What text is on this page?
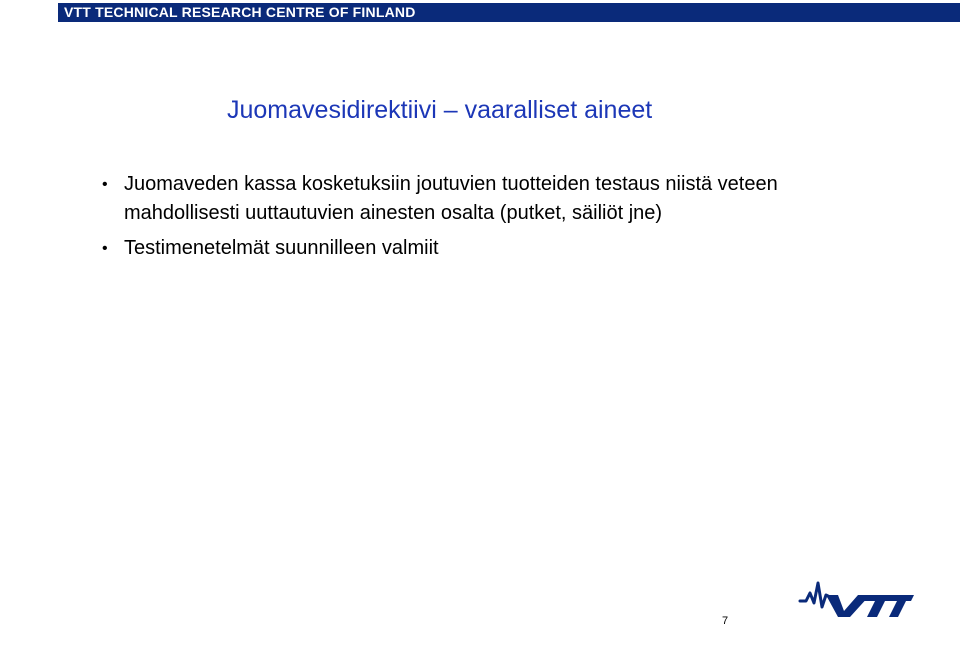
VTT TECHNICAL RESEARCH CENTRE OF FINLAND
Juomavesidirektiivi – vaaralliset aineet
• Juomaveden kassa kosketuksiin joutuvien tuotteiden testaus niistä veteen mahdollisesti uuttautuvien ainesten osalta (putket, säiliöt jne)
• Testimenetelmät suunnilleen valmiit
7
